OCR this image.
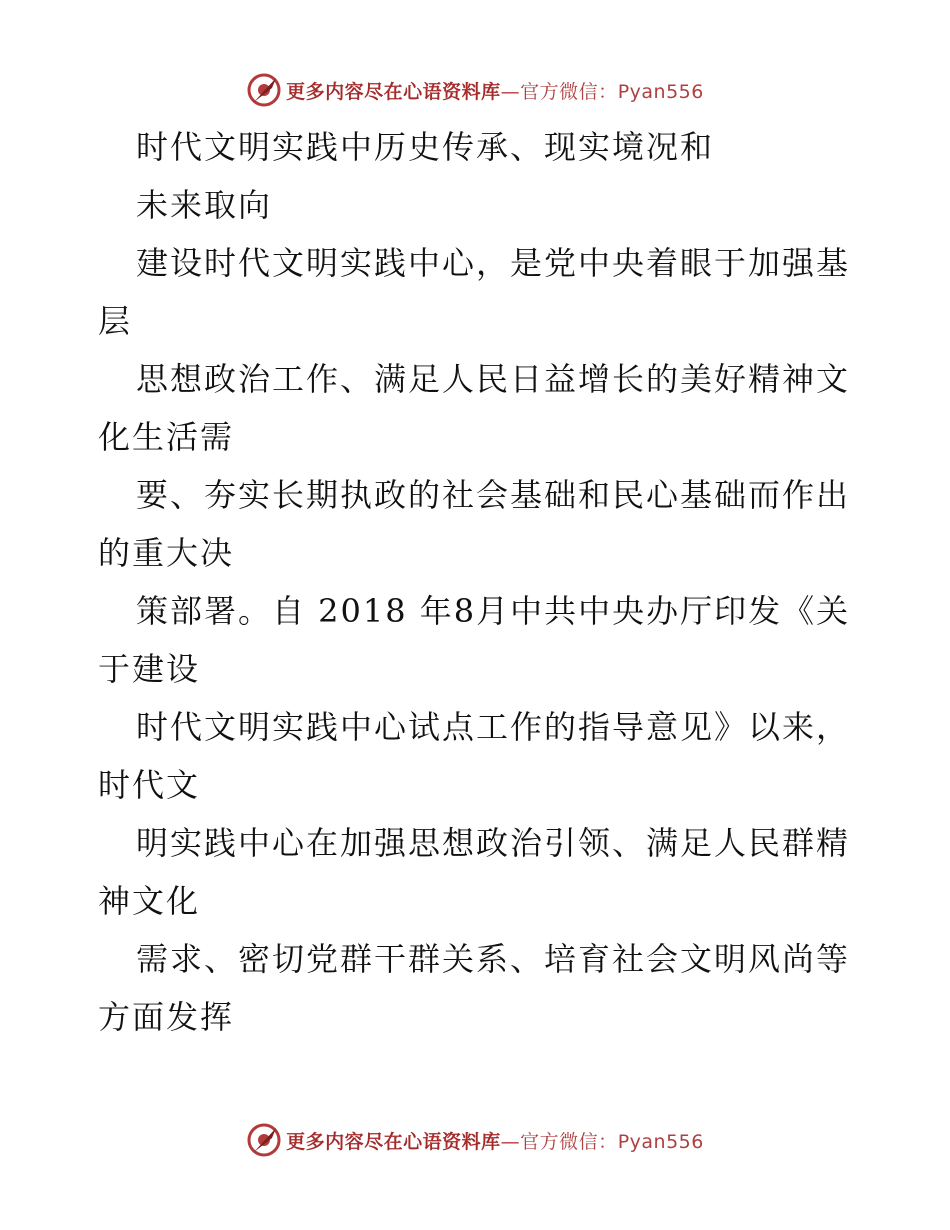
更多内容尽在心语资料库—官方微信：Pyan556
时代文明实践中历史传承、现实境况和
未来取向
建设时代文明实践中心，是党中央着眼于加强基
层
思想政治工作、满足人民日益增长的美好精神文
化生活需
要、夯实长期执政的社会基础和民心基础而作出
的重大决
策部署。自 2018 年8月中共中央办厅印发《关
于建设
时代文明实践中心试点工作的指导意见》以来，
时代文
明实践中心在加强思想政治引领、满足人民群精
神文化
需求、密切党群干群关系、培育社会文明风尚等
方面发挥
更多内容尽在心语资料库—官方微信：Pyan556
